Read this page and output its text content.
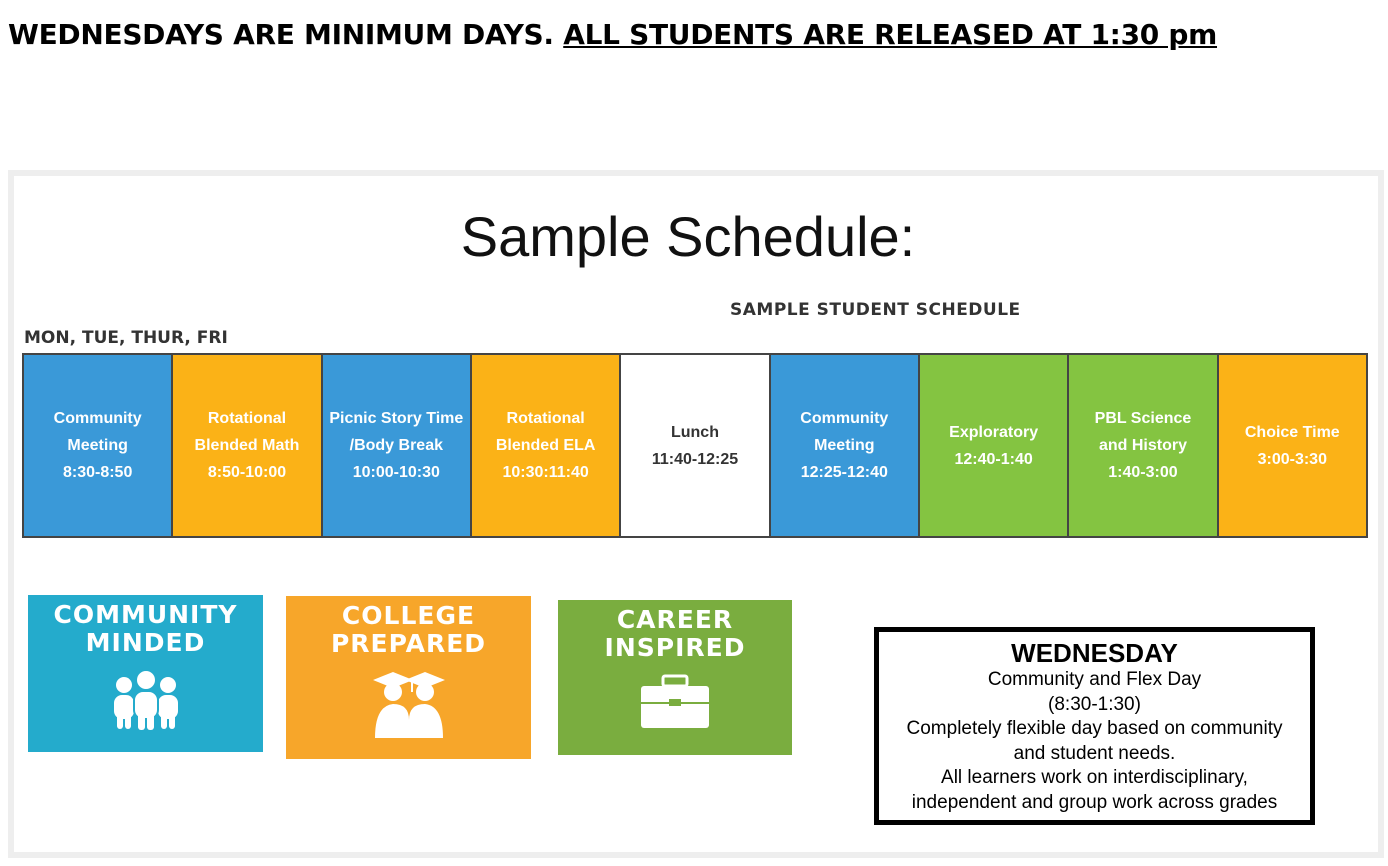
WEDNESDAYS ARE MINIMUM DAYS. ALL STUDENTS ARE RELEASED AT 1:30 pm
Sample Schedule:
SAMPLE STUDENT SCHEDULE
MON, TUE, THUR, FRI
Community
Meeting
8:30-8:50
Rotational
Blended Math
8:50-10:00
Picnic Story Time
/Body Break
10:00-10:30
Rotational
Blended ELA
10:30:11:40
Lunch
11:40-12:25
Community
Meeting
12:25-12:40
Exploratory
12:40-1:40
PBL Science
and History
1:40-3:00
Choice Time
3:00-3:30
COMMUNITY
MINDED
COLLEGE
PREPARED
CAREER
INSPIRED	WEDNESDAY
Community and Flex Day
(8:30-1:30)
Completely flexible day based on community
and student needs.
All learners work on interdisciplinary,
independent and group work across grades
